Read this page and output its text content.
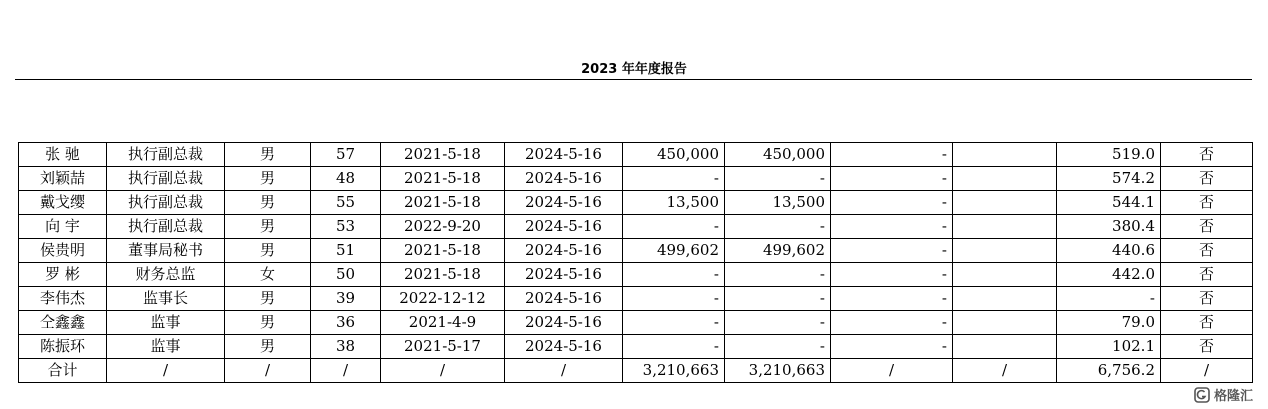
2023 年年度报告
张 驰	执行副总裁	男	57	2021-5-18	2024-5-16	450,000	450,000	-		519.0	否
刘颖喆	执行副总裁	男	48	2021-5-18	2024-5-16	-	-	-		574.2	否
戴戈缨	执行副总裁	男	55	2021-5-18	2024-5-16	13,500	13,500	-		544.1	否
向 宇	执行副总裁	男	53	2022-9-20	2024-5-16	-	-	-		380.4	否
侯贵明	董事局秘书	男	51	2021-5-18	2024-5-16	499,602	499,602	-		440.6	否
罗 彬	财务总监	女	50	2021-5-18	2024-5-16	-	-	-		442.0	否
李伟杰	监事长	男	39	2022-12-12	2024-5-16	-	-	-		-	否
仝鑫鑫	监事	男	36	2021-4-9	2024-5-16	-	-	-		79.0	否
陈振环	监事	男	38	2021-5-17	2024-5-16	-	-	-		102.1	否
合计	/	/	/	/	/	3,210,663	3,210,663	/	/	6,756.2	/
格隆汇
